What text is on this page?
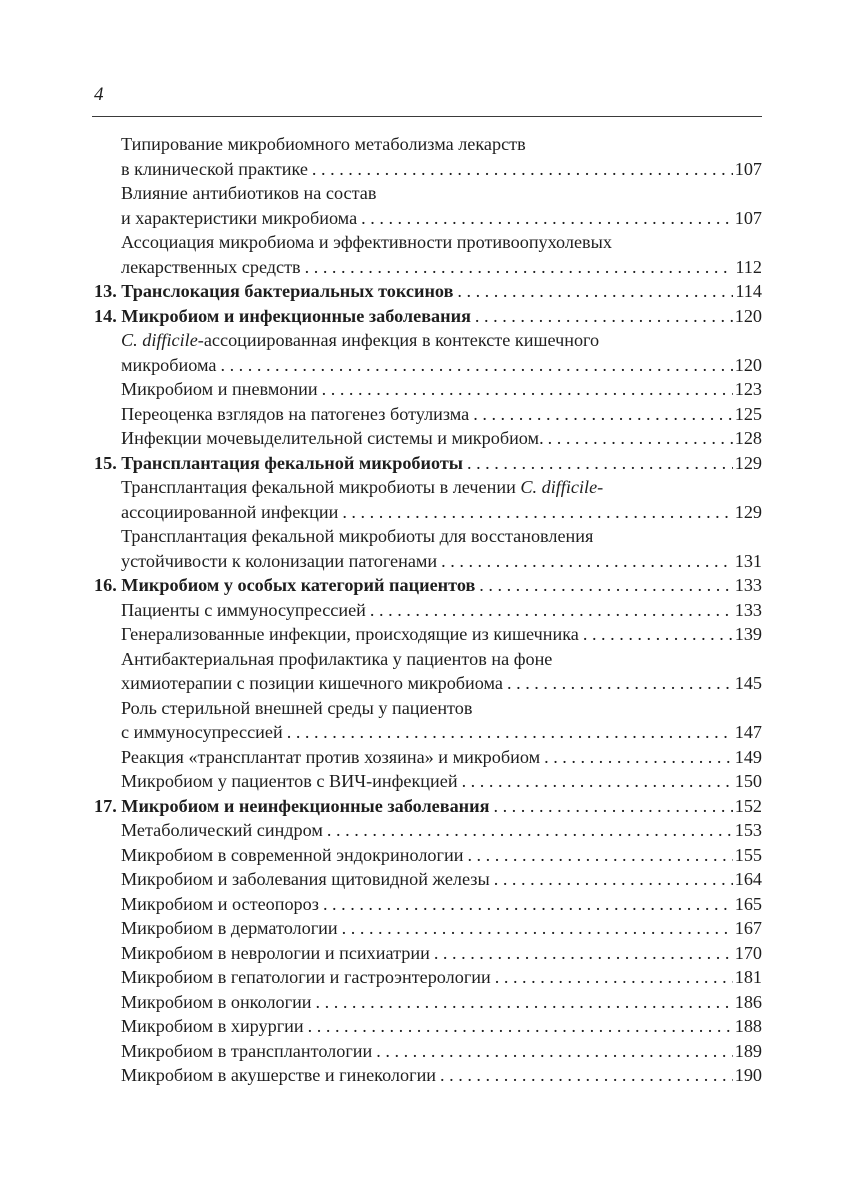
4
Типирование микробиомного метаболизма лекарств
в клинической практике . . .	107
Влияние антибиотиков на состав
и характеристики микробиома . . .	107
Ассоциация микробиома и эффективности противоопухолевых
лекарственных средств . . .	112
13. Транслокация бактериальных токсинов . . .	114
14. Микробиом и инфекционные заболевания . . .	120
C. difficile-ассоциированная инфекция в контексте кишечного
микробиома . . .	120
Микробиом и пневмонии . . .	123
Переоценка взглядов на патогенез ботулизма . . .	125
Инфекции мочевыделительной системы и микробиом. . . .	128
15. Трансплантация фекальной микробиоты . . .	129
Трансплантация фекальной микробиоты в лечении C. difficile-
ассоциированной инфекции . . .	129
Трансплантация фекальной микробиоты для восстановления
устойчивости к колонизации патогенами . . .	131
16. Микробиом у особых категорий пациентов . . .	133
Пациенты с иммуносупрессией . . .	133
Генерализованные инфекции, происходящие из кишечника . . .	139
Антибактериальная профилактика у пациентов на фоне
химиотерапии с позиции кишечного микробиома . . .	145
Роль стерильной внешней среды у пациентов
с иммуносупрессией . . .	147
Реакция «трансплантат против хозяина» и микробиом . . .	149
Микробиом у пациентов с ВИЧ-инфекцией . . .	150
17. Микробиом и неинфекционные заболевания . . .	152
Метаболический синдром . . .	153
Микробиом в современной эндокринологии . . .	155
Микробиом и заболевания щитовидной железы . . .	164
Микробиом и остеопороз . . .	165
Микробиом в дерматологии . . .	167
Микробиом в неврологии и психиатрии . . .	170
Микробиом в гепатологии и гастроэнтерологии . . .	181
Микробиом в онкологии . . .	186
Микробиом в хирургии . . .	188
Микробиом в трансплантологии . . .	189
Микробиом в акушерстве и гинекологии . . .	190
